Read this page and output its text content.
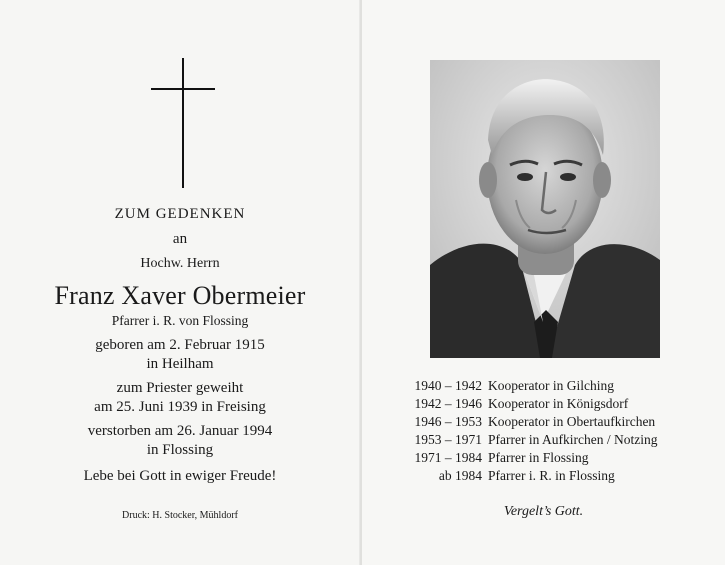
ZUM GEDENKEN
an
Hochw. Herrn
Franz Xaver Obermeier
Pfarrer i. R. von Flossing
geboren am 2. Februar 1915
in Heilham
zum Priester geweiht
am 25. Juni 1939 in Freising
verstorben am 26. Januar 1994
in Flossing
Lebe bei Gott in ewiger Freude!
Druck: H. Stocker, Mühldorf
1940 – 1942 Kooperator in Gilching
1942 – 1946 Kooperator in Königsdorf
1946 – 1953 Kooperator in Obertaufkirchen
1953 – 1971 Pfarrer in Aufkirchen / Notzing
1971 – 1984 Pfarrer in Flossing
ab 1984 Pfarrer i. R. in Flossing
Vergelt’s Gott.
